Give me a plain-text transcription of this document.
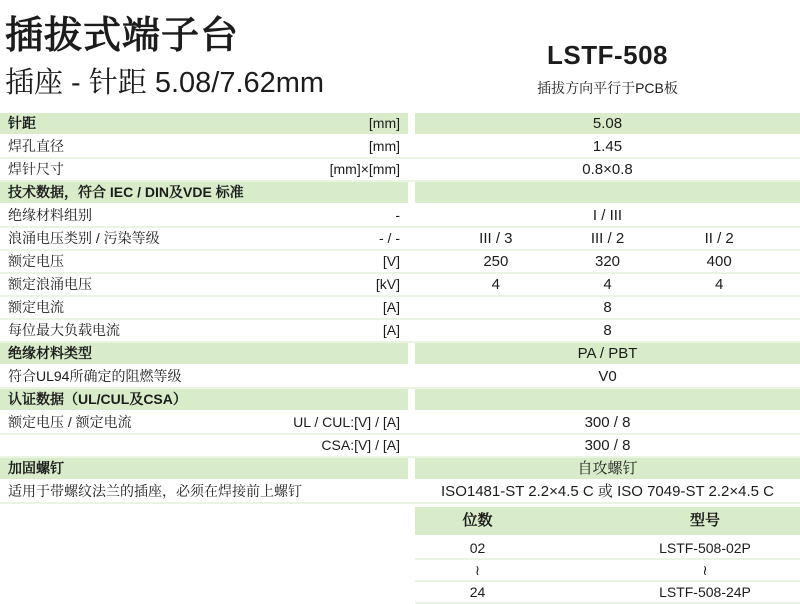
插拔式端子台
插座 - 针距 5.08/7.62mm
LSTF-508
插拔方向平行于PCB板
针距	[mm]	5.08
焊孔直径	[mm]	1.45
焊针尺寸	[mm]×[mm]	0.8×0.8
技术数据，符合 IEC / DIN及VDE 标准
绝缘材料组别	-	I / III
浪涌电压类别 / 污染等级	- / -	III / 3	III / 2	II / 2
额定电压	[V]	250	320	400
额定浪涌电压	[kV]	4	4	4
额定电流	[A]	8
每位最大负载电流	[A]	8
绝缘材料类型	PA / PBT
符合UL94所确定的阻燃等级	V0
认证数据（UL/CUL及CSA）
额定电压 / 额定电流	UL / CUL:[V] / [A]	300 / 8
CSA:[V] / [A]	300 / 8
加固螺钉	自攻螺钉
适用于带螺纹法兰的插座，必须在焊接前上螺钉	ISO1481-ST 2.2×4.5 C 或 ISO 7049-ST 2.2×4.5 C
位数	型号
02	LSTF-508-02P
≀	≀
24	LSTF-508-24P
